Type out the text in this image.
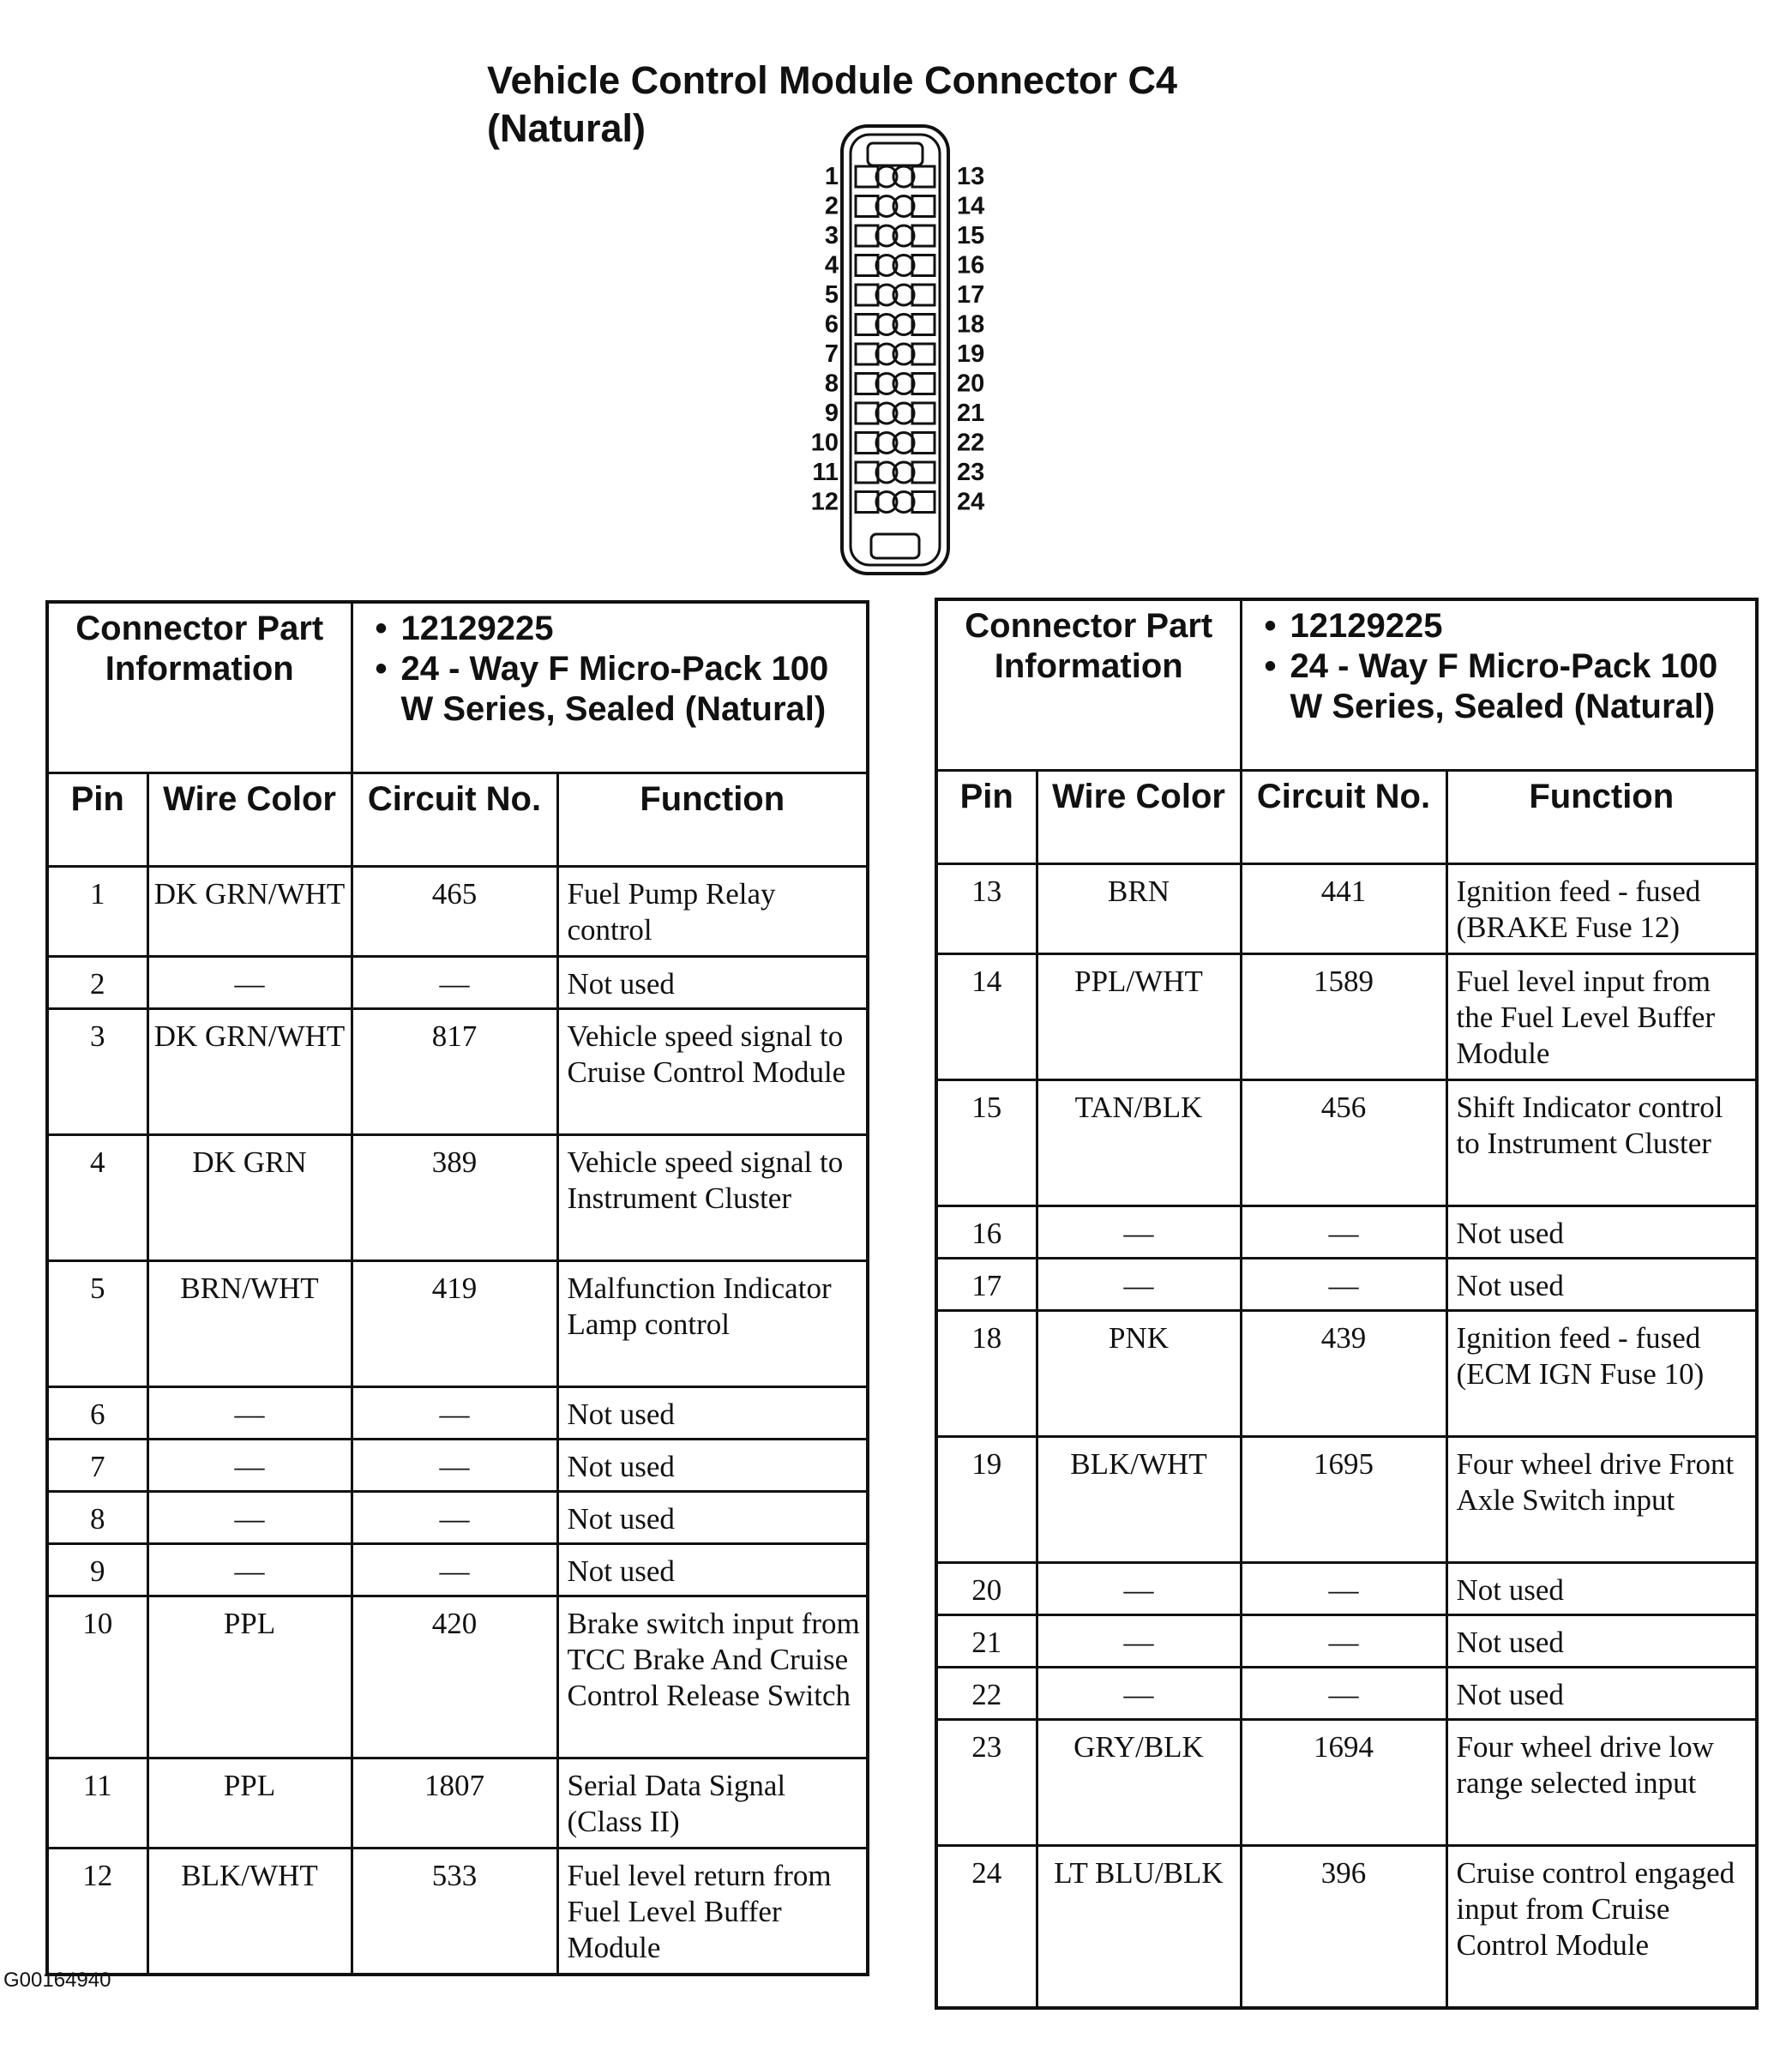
Vehicle Control Module Connector C4
(Natural)
1
2
3
4
5
6
7
8
9
10
11
12
13
14
15
16
17
18
19
20
21
22
23
24
Connector Part Information		• 12129225
• 24 - Way F Micro-Pack 100 W Series, Sealed (Natural)

Pin	Wire Color	Circuit No.	Function
1	DK GRN/WHT	465	Fuel Pump Relay control
2	—	—	Not used
3	DK GRN/WHT	817	Vehicle speed signal to Cruise Control Module
4	DK GRN	389	Vehicle speed signal to Instrument Cluster
5	BRN/WHT	419	Malfunction Indicator Lamp control
6	—	—	Not used
7	—	—	Not used
8	—	—	Not used
9	—	—	Not used
10	PPL	420	Brake switch input from TCC Brake And Cruise Control Release Switch
11	PPL	1807	Serial Data Signal (Class II)
12	BLK/WHT	533	Fuel level return from Fuel Level Buffer Module
Connector Part Information		• 12129225
• 24 - Way F Micro-Pack 100 W Series, Sealed (Natural)

Pin	Wire Color	Circuit No.	Function
13	BRN	441	Ignition feed - fused (BRAKE Fuse 12)
14	PPL/WHT	1589	Fuel level input from the Fuel Level Buffer Module
15	TAN/BLK	456	Shift Indicator control to Instrument Cluster
16	—	—	Not used
17	—	—	Not used
18	PNK	439	Ignition feed - fused (ECM IGN Fuse 10)
19	BLK/WHT	1695	Four wheel drive Front Axle Switch input
20	—	—	Not used
21	—	—	Not used
22	—	—	Not used
23	GRY/BLK	1694	Four wheel drive low range selected input
24	LT BLU/BLK	396	Cruise control engaged input from Cruise Control Module
G00164940
